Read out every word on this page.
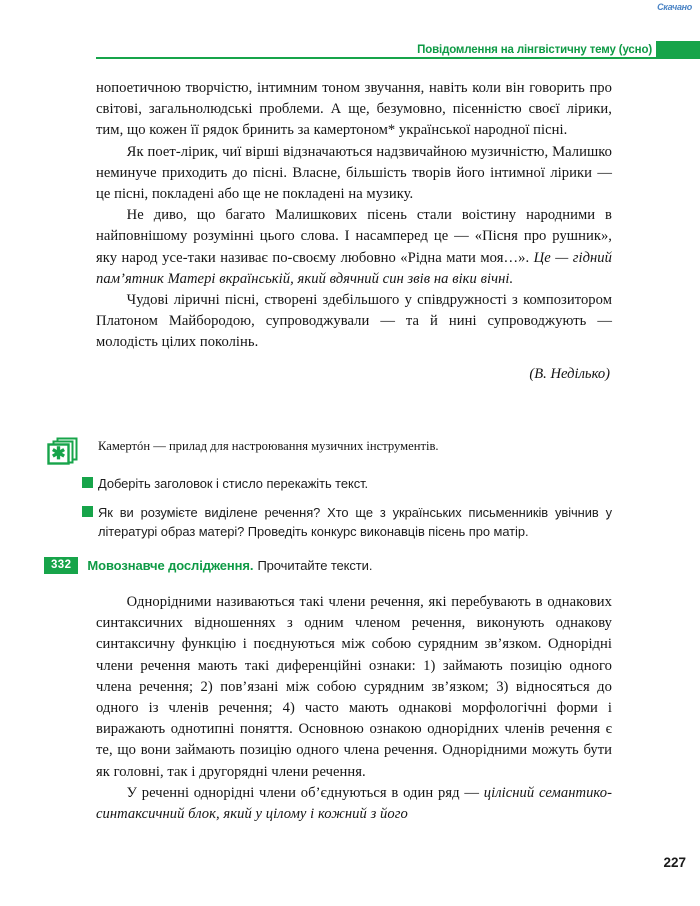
Скачано
Повідомлення на лінгвістичну тему (усно)

нопоетичною творчістю, інтимним тоном звучання, навіть коли він говорить про світові, загальнолюдські проблеми. А ще, безумовно, пісенністю своєї лірики, тим, що кожен її рядок бринить за камертоном* української народної пісні.

Як поет-лірик, чиї вірші відзначаються надзвичайною музичністю, Малишко неминуче приходить до пісні. Власне, більшість творів його інтимної лірики — це пісні, покладені або ще не покладені на музику.

Не диво, що багато Малишкових пісень стали воістину народними в найповнішому розумінні цього слова. І насамперед це — «Пісня про рушник», яку народ усе-таки називає по-своєму любовно «Рідна мати моя…». Це — гідний пам’ятник Матері вкраїнській, який вдячний син звів на віки вічні.

Чудові ліричні пісні, створені здебільшого у співдружності з композитором Платоном Майбородою, супроводжували — та й нині супроводжують — молодість цілих поколінь.

(В. Неділько)

✱	Камертóн — прилад для настроювання музичних інструментів.

Доберіть заголовок і стисло перекажіть текст.

Як ви розумієте виділене речення? Хто ще з українських письменників увічнив у літературі образ матері? Проведіть конкурс виконавців пісень про матір.

332 Мовознавче дослідження. Прочитайте тексти.

Однорідними називаються такі члени речення, які перебувають в однакових синтаксичних відношеннях з одним членом речення, виконують однакову синтаксичну функцію і поєднуються між собою сурядним зв’язком. Однорідні члени речення мають такі диференційні ознаки: 1) займають позицію одного члена речення; 2) пов’язані між собою сурядним зв’язком; 3) відносяться до одного із членів речення; 4) часто мають однакові морфологічні форми і виражають однотипні поняття. Основною ознакою однорідних членів речення є те, що вони займають позицію одного члена речення. Однорідними можуть бути як головні, так і другорядні члени речення.

У реченні однорідні члени об’єднуються в один ряд — цілісний семантико-синтаксичний блок, який у цілому і кожний з його

227
